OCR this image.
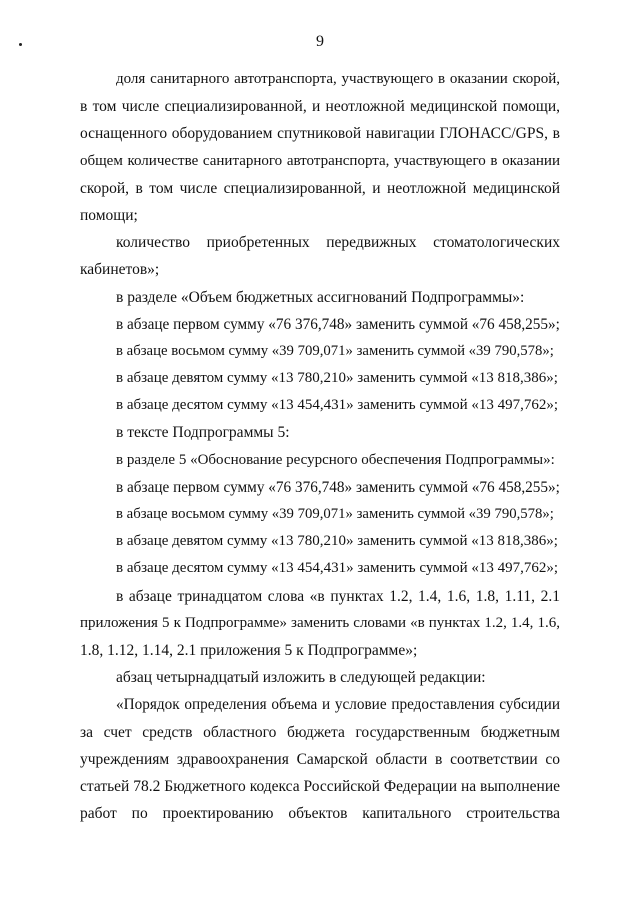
9
доля санитарного автотранспорта, участвующего в оказании скорой,
в том числе специализированной, и неотложной медицинской помощи,
оснащенного оборудованием спутниковой навигации ГЛОНАСС/GPS, в
общем количестве санитарного автотранспорта, участвующего в оказании
скорой, в том числе специализированной, и неотложной медицинской
помощи;
количество приобретенных передвижных стоматологических
кабинетов»;
в разделе «Объем бюджетных ассигнований Подпрограммы»:
в абзаце первом сумму «76 376,748» заменить суммой «76 458,255»;
в абзаце восьмом сумму «39 709,071» заменить суммой «39 790,578»;
в абзаце девятом сумму «13 780,210» заменить суммой «13 818,386»;
в абзаце десятом сумму «13 454,431» заменить суммой «13 497,762»;
в тексте Подпрограммы 5:
в разделе 5 «Обоснование ресурсного обеспечения Подпрограммы»:
в абзаце первом сумму «76 376,748» заменить суммой «76 458,255»;
в абзаце восьмом сумму «39 709,071» заменить суммой «39 790,578»;
в абзаце девятом сумму «13 780,210» заменить суммой «13 818,386»;
в абзаце десятом сумму «13 454,431» заменить суммой «13 497,762»;
в абзаце тринадцатом слова «в пунктах 1.2, 1.4, 1.6, 1.8, 1.11, 2.1
приложения 5 к Подпрограмме» заменить словами «в пунктах 1.2, 1.4, 1.6,
1.8, 1.12, 1.14, 2.1 приложения 5 к Подпрограмме»;
абзац четырнадцатый изложить в следующей редакции:
«Порядок определения объема и условие предоставления субсидии
за счет средств областного бюджета государственным бюджетным
учреждениям здравоохранения Самарской области в соответствии со
статьей 78.2 Бюджетного кодекса Российской Федерации на выполнение
работ по проектированию объектов капитального строительства
